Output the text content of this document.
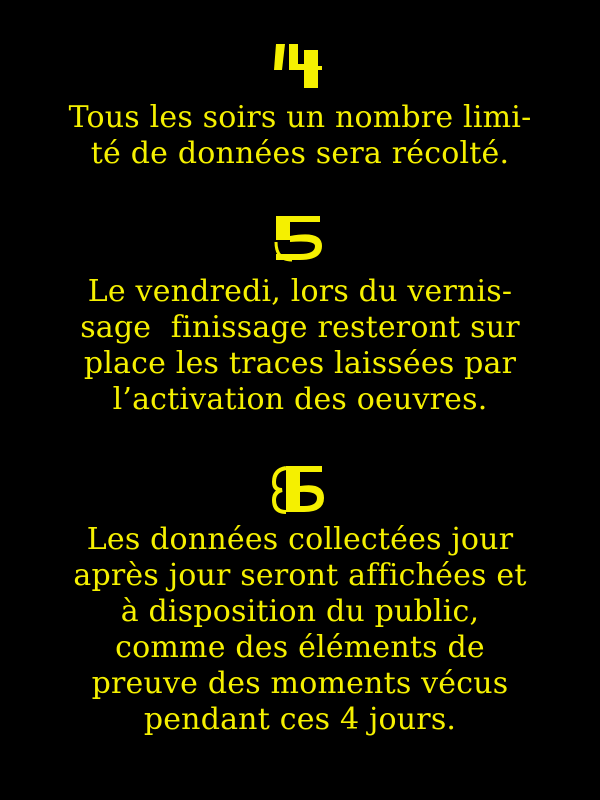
Tous les soirs un nombre limi-
té de données sera récolté.
Le vendredi, lors du vernis-
sage  finissage resteront sur
place les traces laissées par
l’activation des oeuvres.
Les données collectées jour
après jour seront affichées et
à disposition du public,
comme des éléments de
preuve des moments vécus
pendant ces 4 jours.
